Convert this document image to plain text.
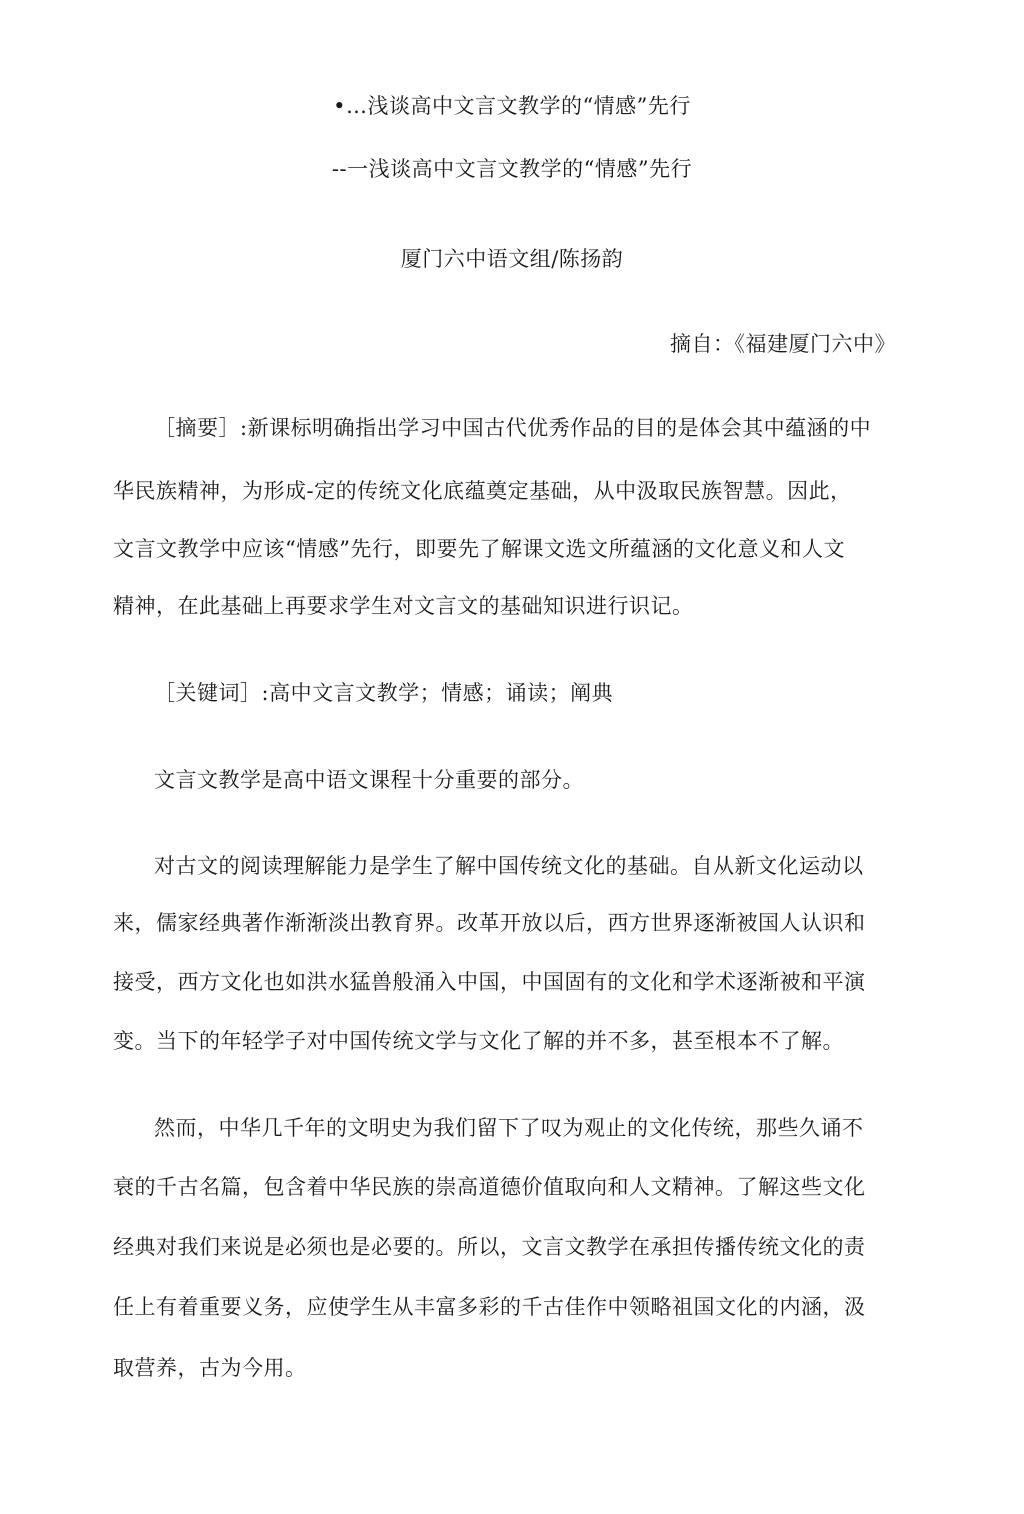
•…浅谈高中文言文教学的“情感”先行
--一浅谈高中文言文教学的“情感”先行
厦门六中语文组/陈扬韵
摘自：《福建厦门六中》
［摘要］:新课标明确指出学习中国古代优秀作品的目的是体会其中蕴涵的中
华民族精神，为形成-定的传统文化底蕴奠定基础，从中汲取民族智慧。因此，
文言文教学中应该“情感”先行，即要先了解课文选文所蕴涵的文化意义和人文
精神，在此基础上再要求学生对文言文的基础知识进行识记。
［关键词］:高中文言文教学；情感；诵读；阐典
文言文教学是高中语文课程十分重要的部分。
对古文的阅读理解能力是学生了解中国传统文化的基础。自从新文化运动以
来，儒家经典著作渐渐淡出教育界。改革开放以后，西方世界逐渐被国人认识和
接受，西方文化也如洪水猛兽般涌入中国，中国固有的文化和学术逐渐被和平演
变。当下的年轻学子对中国传统文学与文化了解的并不多，甚至根本不了解。
然而，中华几千年的文明史为我们留下了叹为观止的文化传统，那些久诵不
衰的千古名篇，包含着中华民族的崇高道德价值取向和人文精神。了解这些文化
经典对我们来说是必须也是必要的。所以，文言文教学在承担传播传统文化的责
任上有着重要义务，应使学生从丰富多彩的千古佳作中领略祖国文化的内涵，汲
取营养，古为今用。
